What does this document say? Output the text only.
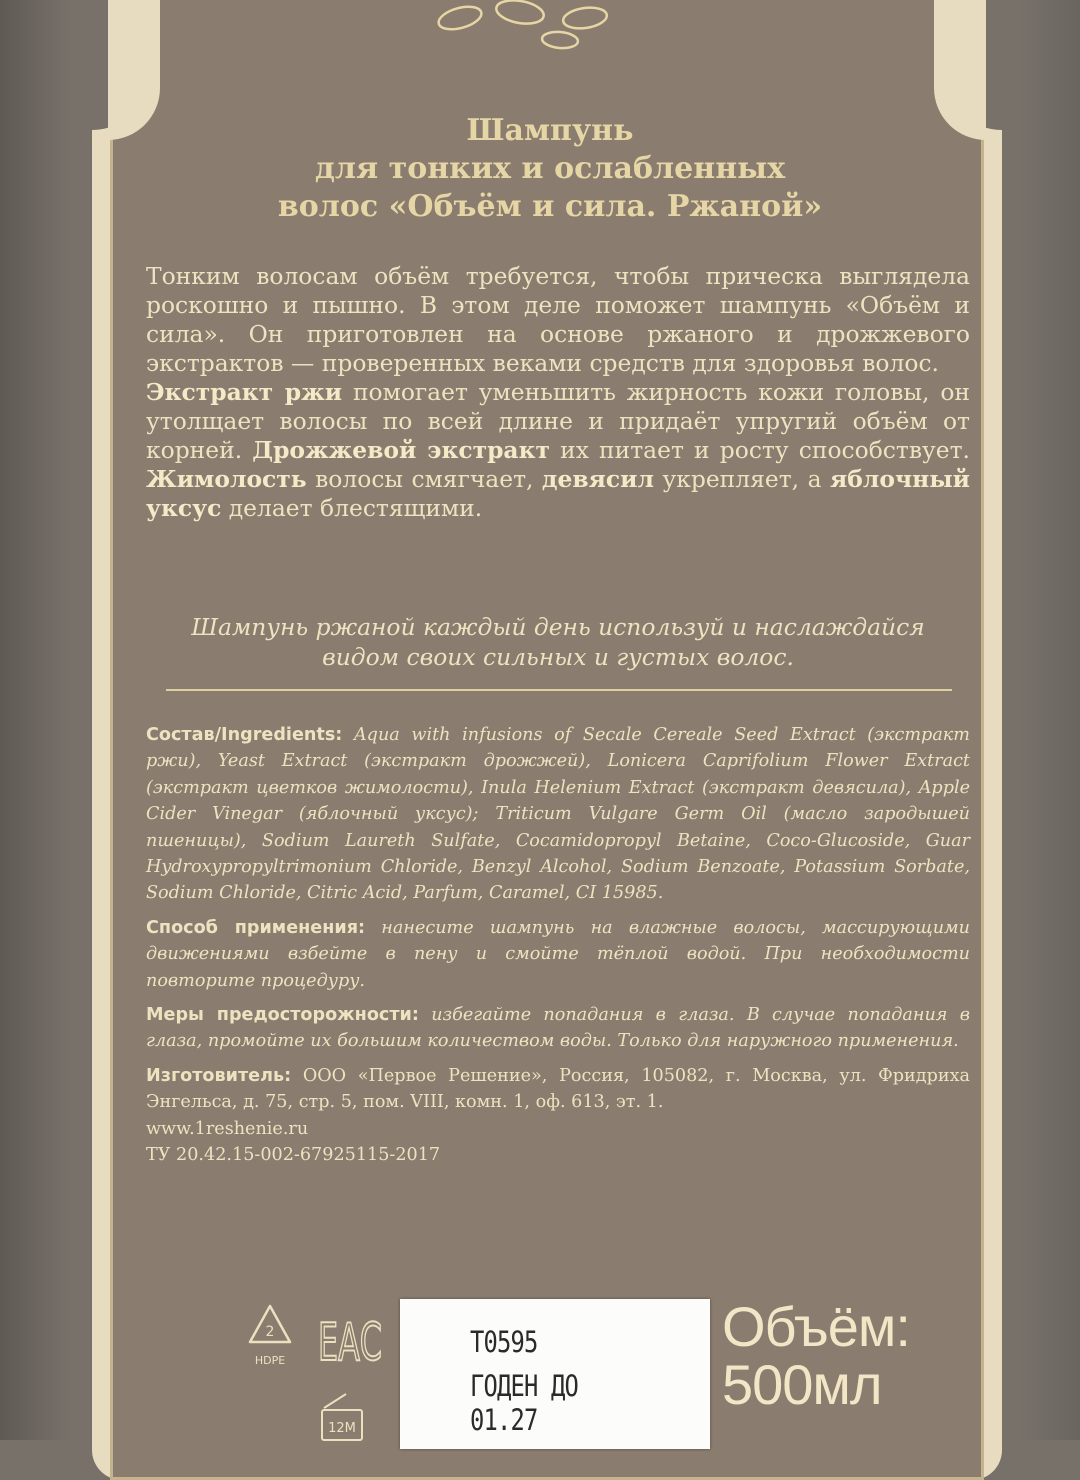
Шампунь
для тонких и ослабленных
волос «Объём и сила. Ржаной»

Тонким волосам объём требуется, чтобы прическа выглядела роскошно и пышно. В этом деле поможет шампунь «Объём и сила». Он приготовлен на основе ржаного и дрожжевого экстрактов — проверенных веками средств для здоровья волос.

Экстракт ржи помогает уменьшить жирность кожи головы, он утолщает волосы по всей длине и придаёт упругий объём от корней. Дрожжевой экстракт их питает и росту способствует. Жимолость волосы смягчает, девясил укрепляет, а яблочный уксус делает блестящими.

Шампунь ржаной каждый день используй и наслаждайся
видом своих сильных и густых волос.

Состав/Ingredients: Aqua with infusions of Secale Cereale Seed Extract (экстракт ржи), Yeast Extract (экстракт дрожжей), Lonicera Caprifolium Flower Extract (экстракт цветков жимолости), Inula Helenium Extract (экстракт девясила), Apple Cider Vinegar (яблочный уксус); Triticum Vulgare Germ Oil (масло зародышей пшеницы), Sodium Laureth Sulfate, Cocamidopropyl Betaine, Coco-Glucoside, Guar Hydroxypropyltrimonium Chloride, Benzyl Alcohol, Sodium Benzoate, Potassium Sorbate, Sodium Chloride, Citric Acid, Parfum, Caramel, CI 15985.

Способ применения: нанесите шампунь на влажные волосы, массирующими движениями взбейте в пену и смойте тёплой водой. При необходимости повторите процедуру.

Меры предосторожности: избегайте попадания в глаза. В случае попадания в глаза, промойте их большим количеством воды. Только для наружного применения.

Изготовитель: ООО «Первое Решение», Россия, 105082, г. Москва, ул. Фридриха Энгельса, д. 75, стр. 5, пом. VIII, комн. 1, оф. 613, эт. 1.
www.1reshenie.ru
ТУ 20.42.15-002-67925115-2017

2
HDPE ЕАС
12M
T0595
ГОДЕН ДО 01.27
Объём:
500мл
